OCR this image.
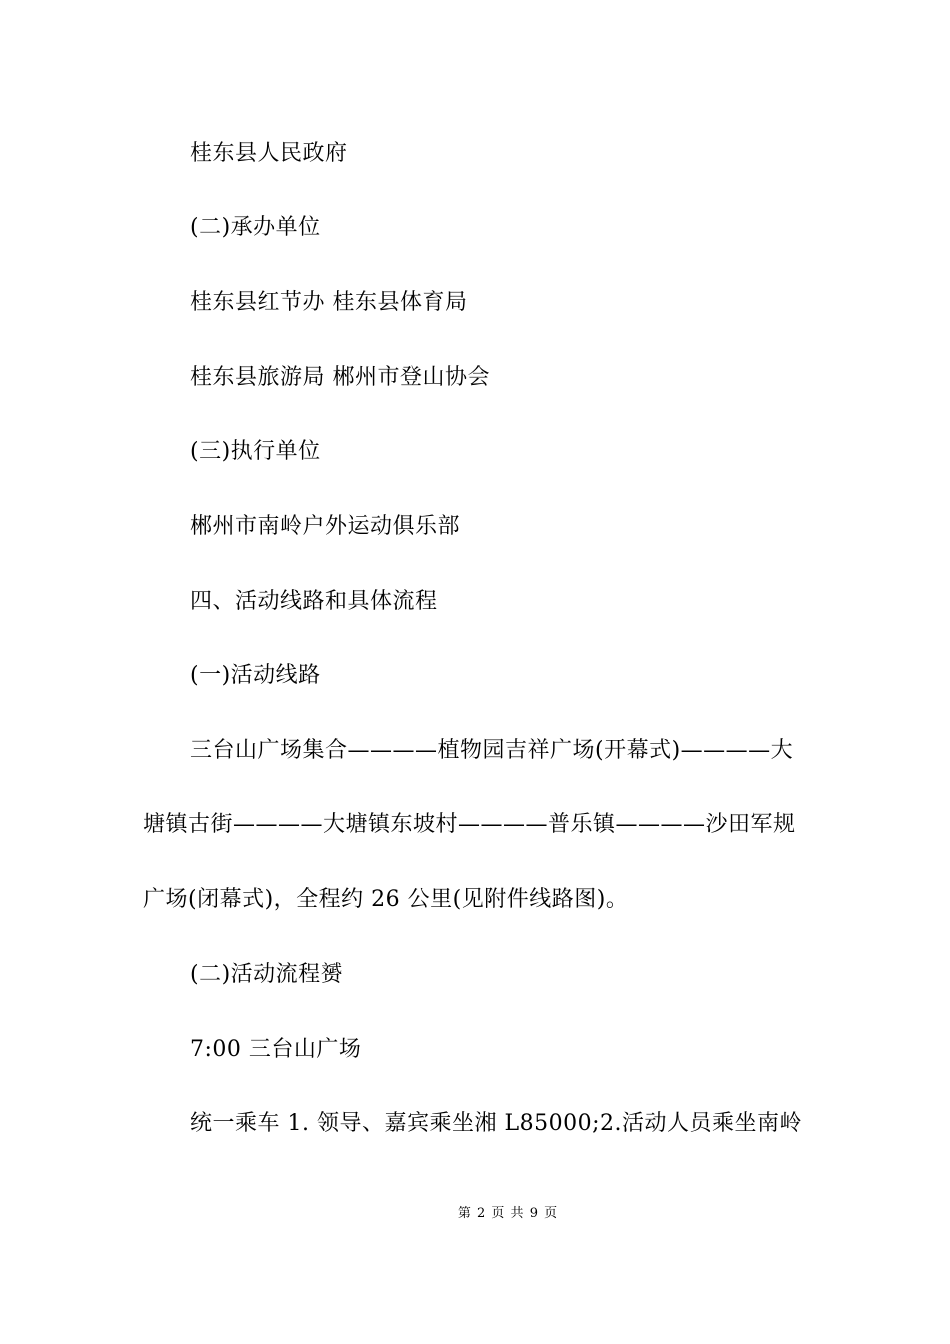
桂东县人民政府
(二)承办单位
桂东县红节办 桂东县体育局
桂东县旅游局 郴州市登山协会
(三)执行单位
郴州市南岭户外运动俱乐部
四、活动线路和具体流程
(一)活动线路
三台山广场集合————植物园吉祥广场(开幕式)————大
塘镇古街————大塘镇东坡村————普乐镇————沙田军规
广场(闭幕式)，全程约 26 公里(见附件线路图)。
(二)活动流程赟
7:00 三台山广场
统一乘车 1. 领导、嘉宾乘坐湘 L85000;2.活动人员乘坐南岭
第 2 页 共 9 页
